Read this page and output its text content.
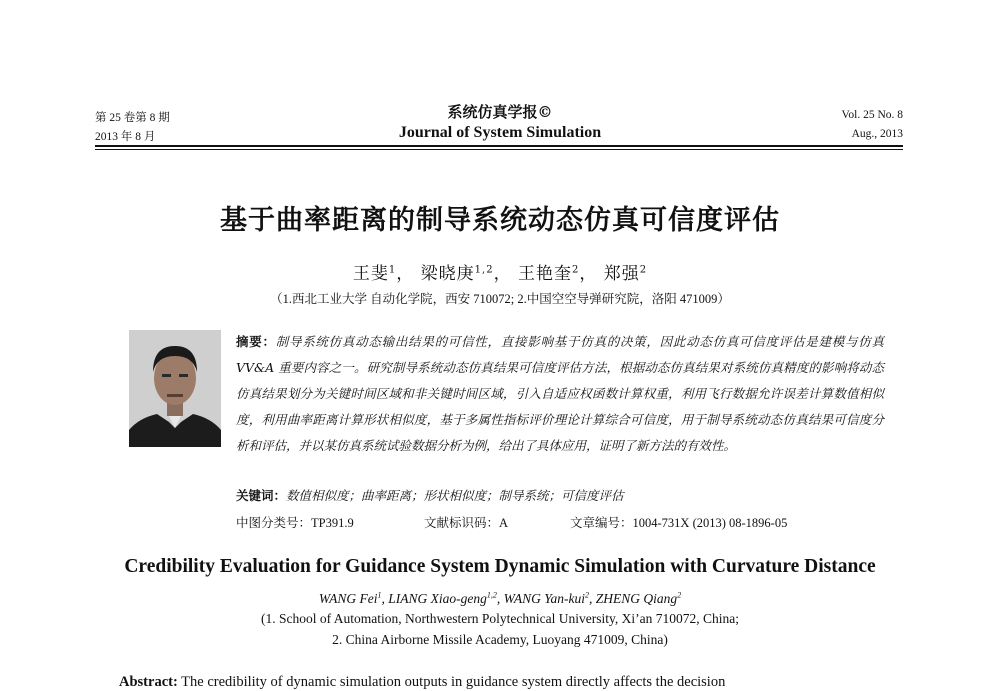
第 25 卷第 8 期
2013 年 8 月
系统仿真学报©
Journal of System Simulation
Vol. 25 No. 8
Aug., 2013
基于曲率距离的制导系统动态仿真可信度评估
王斐$^1$， 梁晓庚$^{1,2}$， 王艳奎$^2$， 郑强$^2$
（1.西北工业大学 自动化学院，西安 710072; 2.中国空空导弹研究院，洛阳 471009）
摘要：制导系统仿真动态输出结果的可信性，直接影响基于仿真的决策，因此动态仿真可信度评估是建模与仿真 VV&A 重要内容之一。研究制导系统动态仿真结果可信度评估方法，根据动态仿真结果对系统仿真精度的影响将动态仿真结果划分为关键时间区域和非关键时间区域，引入自适应权函数计算权重，利用飞行数据允许误差计算数值相似度，利用曲率距离计算形状相似度，基于多属性指标评价理论计算综合可信度，用于制导系统动态仿真结果可信度分析和评估，并以某仿真系统试验数据分析为例，给出了具体应用，证明了新方法的有效性。
关键词：数值相似度；曲率距离；形状相似度；制导系统；可信度评估
中图分类号：TP391.9	文献标识码：A	文章编号：1004-731X (2013) 08-1896-05
Credibility Evaluation for Guidance System Dynamic Simulation with Curvature Distance
WANG Fei$^1$, LIANG Xiao-geng$^{1,2}$, WANG Yan-kui$^2$, ZHENG Qiang$^2$
(1. School of Automation, Northwestern Polytechnical University, Xi’an 710072, China;
2. China Airborne Missile Academy, Luoyang 471009, China)
Abstract: The credibility of dynamic simulation outputs in guidance system directly affects the decision
